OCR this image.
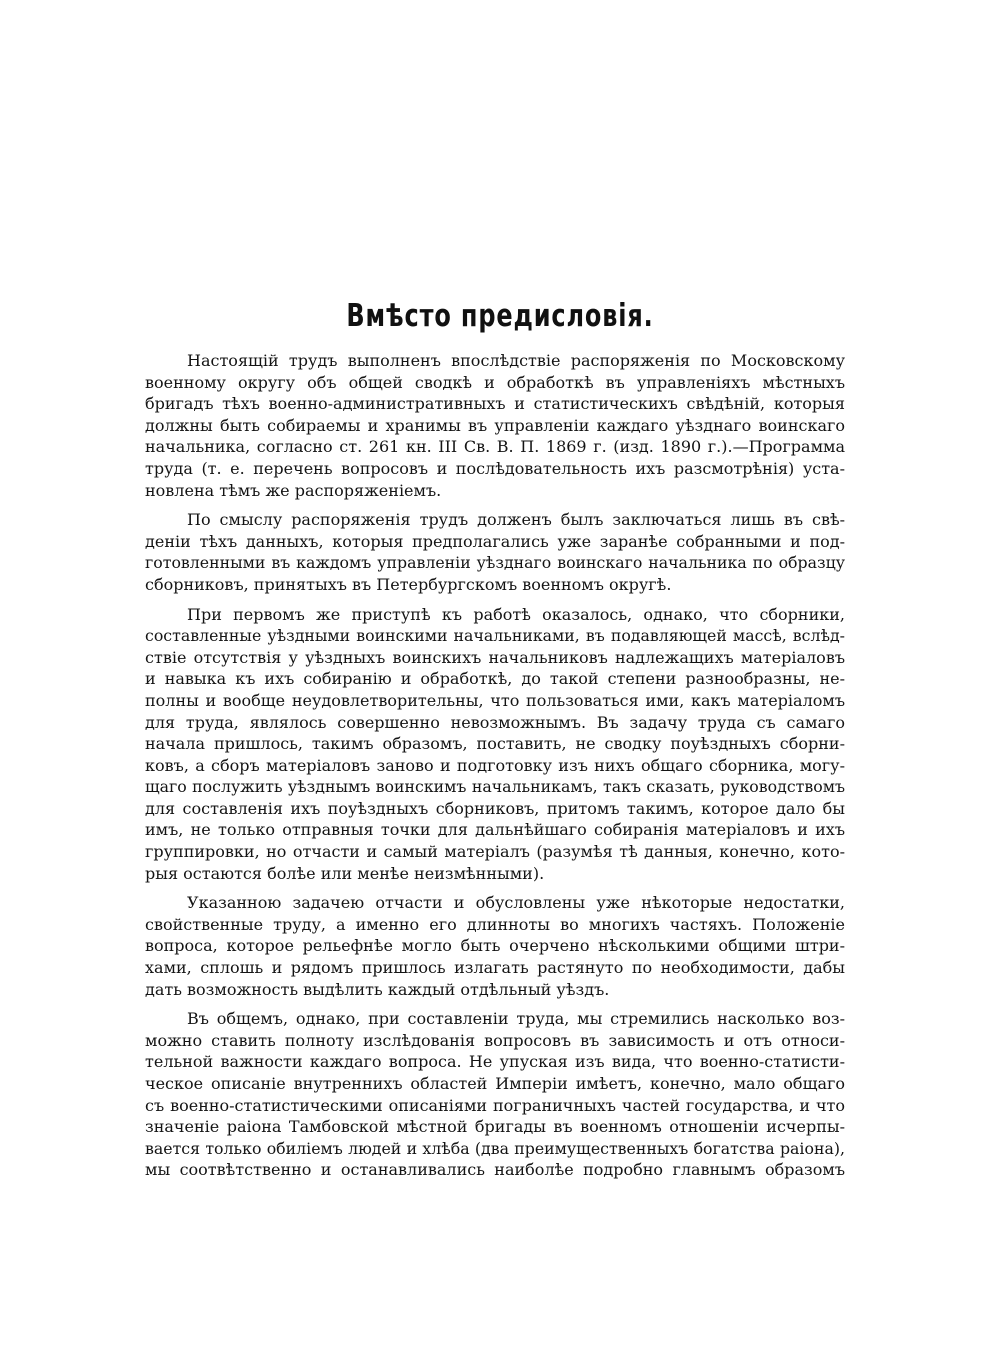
Вмѣсто предисловія.
Настоящій трудъ выполненъ впослѣдствіе распоряженія по Московскому
военному округу объ общей сводкѣ и обработкѣ въ управленіяхъ мѣстныхъ
бригадъ тѣхъ военно-административныхъ и статистическихъ свѣдѣній, которыя
должны быть собираемы и хранимы въ управленіи каждаго уѣзднаго воинскаго
начальника, согласно ст. 261 кн. III Св. В. П. 1869 г. (изд. 1890 г.).—Программа
труда (т. е. перечень вопросовъ и послѣдовательность ихъ разсмотрѣнія) уста-
новлена тѣмъ же распоряженіемъ.
По смыслу распоряженія трудъ долженъ былъ заключаться лишь въ свѣ-
деніи тѣхъ данныхъ, которыя предполагались уже заранѣе собранными и под-
готовленными въ каждомъ управленіи уѣзднаго воинскаго начальника по образцу
сборниковъ, принятыхъ въ Петербургскомъ военномъ округѣ.
При первомъ же приступѣ къ работѣ оказалось, однако, что сборники,
составленные уѣздными воинскими начальниками, въ подавляющей массѣ, вслѣд-
ствіе отсутствія у уѣздныхъ воинскихъ начальниковъ надлежащихъ матеріаловъ
и навыка къ ихъ собиранію и обработкѣ, до такой степени разнообразны, не-
полны и вообще неудовлетворительны, что пользоваться ими, какъ матеріаломъ
для труда, являлось совершенно невозможнымъ. Въ задачу труда съ самаго
начала пришлось, такимъ образомъ, поставить, не сводку поуѣздныхъ сборни-
ковъ, а сборъ матеріаловъ заново и подготовку изъ нихъ общаго сборника, могу-
щаго послужить уѣзднымъ воинскимъ начальникамъ, такъ сказать, руководствомъ
для составленія ихъ поуѣздныхъ сборниковъ, притомъ такимъ, которое дало бы
имъ, не только отправныя точки для дальнѣйшаго собиранія матеріаловъ и ихъ
группировки, но отчасти и самый матеріалъ (разумѣя тѣ данныя, конечно, кото-
рыя остаются болѣе или менѣе неизмѣнными).
Указанною задачею отчасти и обусловлены уже нѣкоторые недостатки,
свойственные труду, а именно его длинноты во многихъ частяхъ. Положеніе
вопроса, которое рельефнѣе могло быть очерчено нѣсколькими общими штри-
хами, сплошь и рядомъ пришлось излагать растянуто по необходимости, дабы
дать возможность выдѣлить каждый отдѣльный уѣздъ.
Въ общемъ, однако, при составленіи труда, мы стремились насколько воз-
можно ставить полноту изслѣдованія вопросовъ въ зависимость и отъ относи-
тельной важности каждаго вопроса. Не упуская изъ вида, что военно-статисти-
ческое описаніе внутреннихъ областей Имперіи имѣетъ, конечно, мало общаго
съ военно-статистическими описаніями пограничныхъ частей государства, и что
значеніе раіона Тамбовской мѣстной бригады въ военномъ отношеніи исчерпы-
вается только обиліемъ людей и хлѣба (два преимущественныхъ богатства раіона),
мы соотвѣтственно и останавливались наиболѣе подробно главнымъ образомъ
